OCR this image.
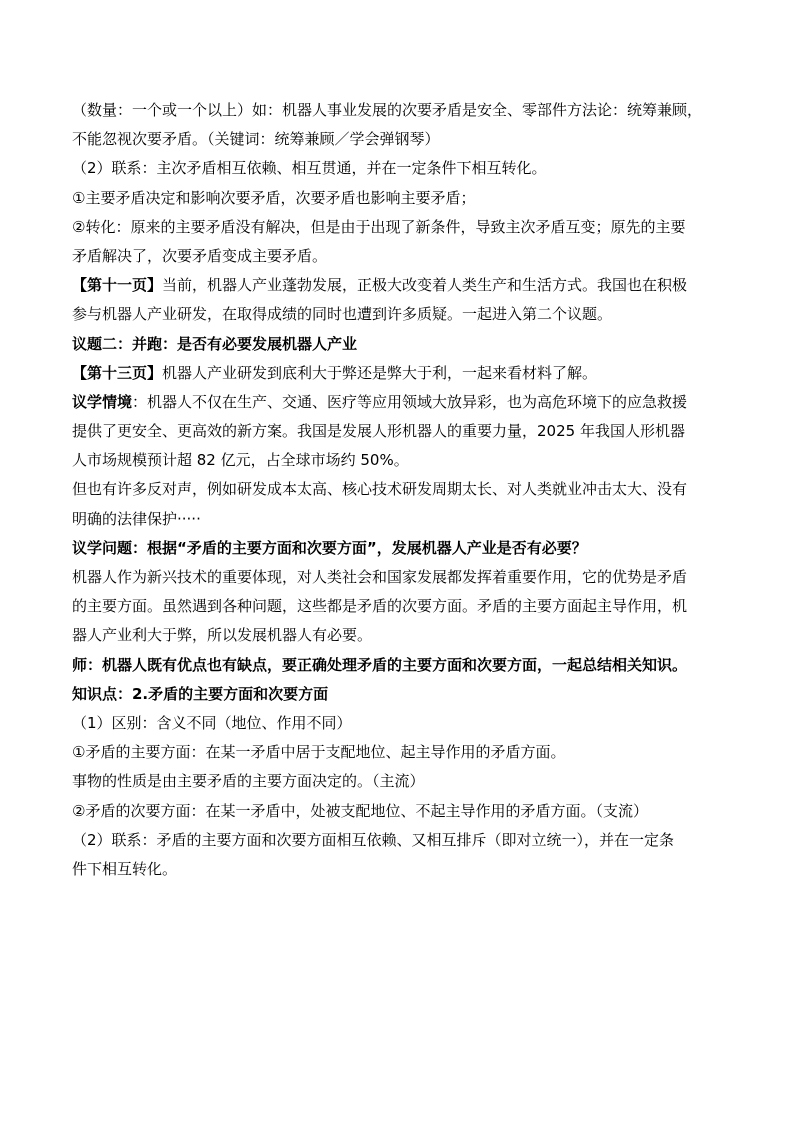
（数量：一个或一个以上）如：机器人事业发展的次要矛盾是安全、零部件方法论：统筹兼顾，
不能忽视次要矛盾。（关键词：统筹兼顾／学会弹钢琴）
（2）联系：主次矛盾相互依赖、相互贯通，并在一定条件下相互转化。
①主要矛盾决定和影响次要矛盾，次要矛盾也影响主要矛盾；
②转化：原来的主要矛盾没有解决，但是由于出现了新条件，导致主次矛盾互变；原先的主要
矛盾解决了，次要矛盾变成主要矛盾。
【第十一页】当前，机器人产业蓬勃发展，正极大改变着人类生产和生活方式。我国也在积极
参与机器人产业研发，在取得成绩的同时也遭到许多质疑。一起进入第二个议题。
议题二：并跑：是否有必要发展机器人产业
【第十三页】机器人产业研发到底利大于弊还是弊大于利，一起来看材料了解。
议学情境：机器人不仅在生产、交通、医疗等应用领域大放异彩，也为高危环境下的应急救援
提供了更安全、更高效的新方案。我国是发展人形机器人的重要力量，2025 年我国人形机器
人市场规模预计超 82 亿元，占全球市场约 50%。
但也有许多反对声，例如研发成本太高、核心技术研发周期太长、对人类就业冲击太大、没有
明确的法律保护·····
议学问题：根据“矛盾的主要方面和次要方面”，发展机器人产业是否有必要？
机器人作为新兴技术的重要体现，对人类社会和国家发展都发挥着重要作用，它的优势是矛盾
的主要方面。虽然遇到各种问题，这些都是矛盾的次要方面。矛盾的主要方面起主导作用，机
器人产业利大于弊，所以发展机器人有必要。
师：机器人既有优点也有缺点，要正确处理矛盾的主要方面和次要方面，一起总结相关知识。
知识点：2.矛盾的主要方面和次要方面
（1）区别：含义不同（地位、作用不同）
①矛盾的主要方面：在某一矛盾中居于支配地位、起主导作用的矛盾方面。
事物的性质是由主要矛盾的主要方面决定的。（主流）
②矛盾的次要方面：在某一矛盾中，处被支配地位、不起主导作用的矛盾方面。（支流）
（2）联系：矛盾的主要方面和次要方面相互依赖、又相互排斥（即对立统一），并在一定条
件下相互转化。
